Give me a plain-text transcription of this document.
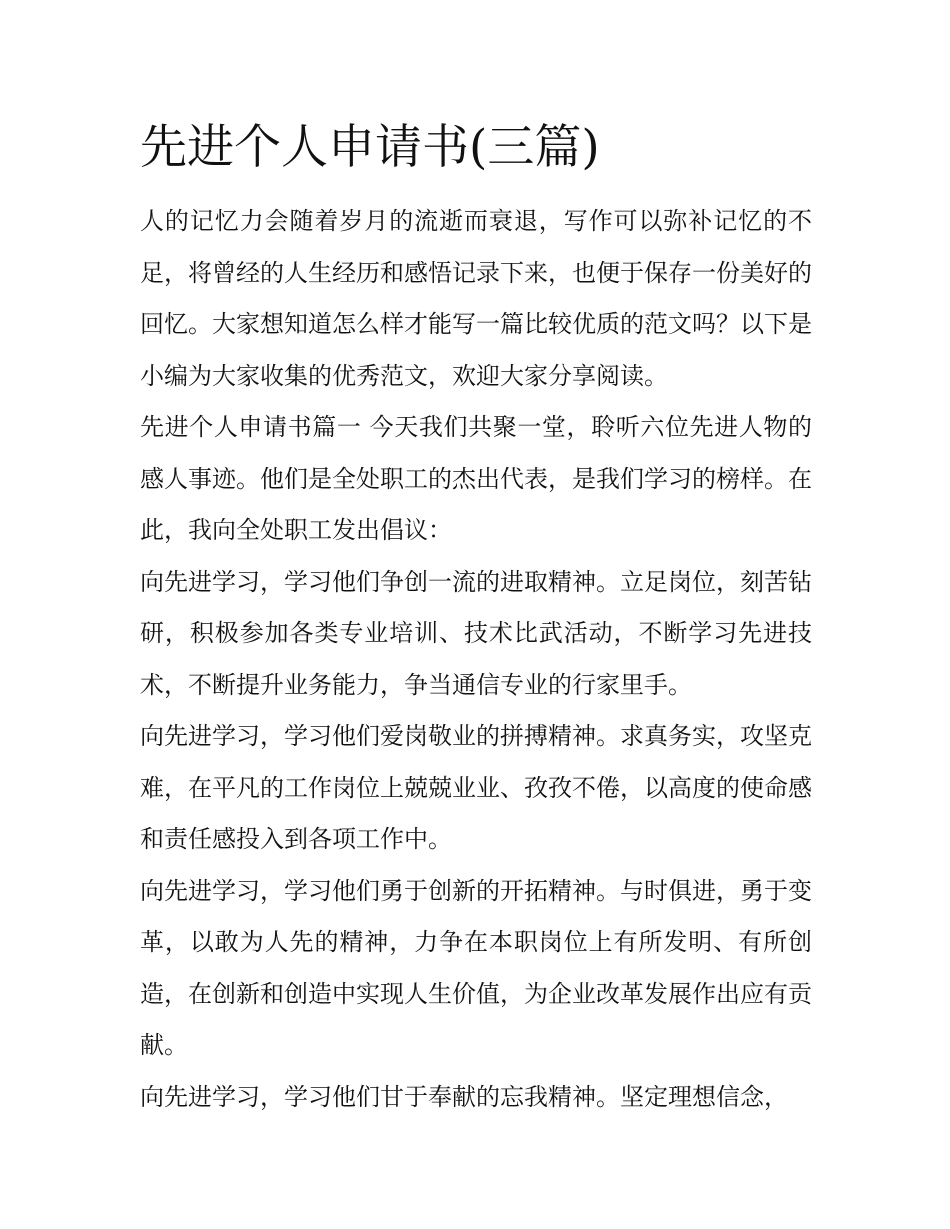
先进个人申请书(三篇)

人的记忆力会随着岁月的流逝而衰退，写作可以弥补记忆的不足，将曾经的人生经历和感悟记录下来，也便于保存一份美好的回忆。大家想知道怎么样才能写一篇比较优质的范文吗？以下是小编为大家收集的优秀范文，欢迎大家分享阅读。

先进个人申请书篇一 今天我们共聚一堂，聆听六位先进人物的感人事迹。他们是全处职工的杰出代表，是我们学习的榜样。在此，我向全处职工发出倡议：

向先进学习，学习他们争创一流的进取精神。立足岗位，刻苦钻研，积极参加各类专业培训、技术比武活动，不断学习先进技术，不断提升业务能力，争当通信专业的行家里手。

向先进学习，学习他们爱岗敬业的拼搏精神。求真务实，攻坚克难，在平凡的工作岗位上兢兢业业、孜孜不倦，以高度的使命感和责任感投入到各项工作中。

向先进学习，学习他们勇于创新的开拓精神。与时俱进，勇于变革，以敢为人先的精神，力争在本职岗位上有所发明、有所创造，在创新和创造中实现人生价值，为企业改革发展作出应有贡献。

向先进学习，学习他们甘于奉献的忘我精神。坚定理想信念，
